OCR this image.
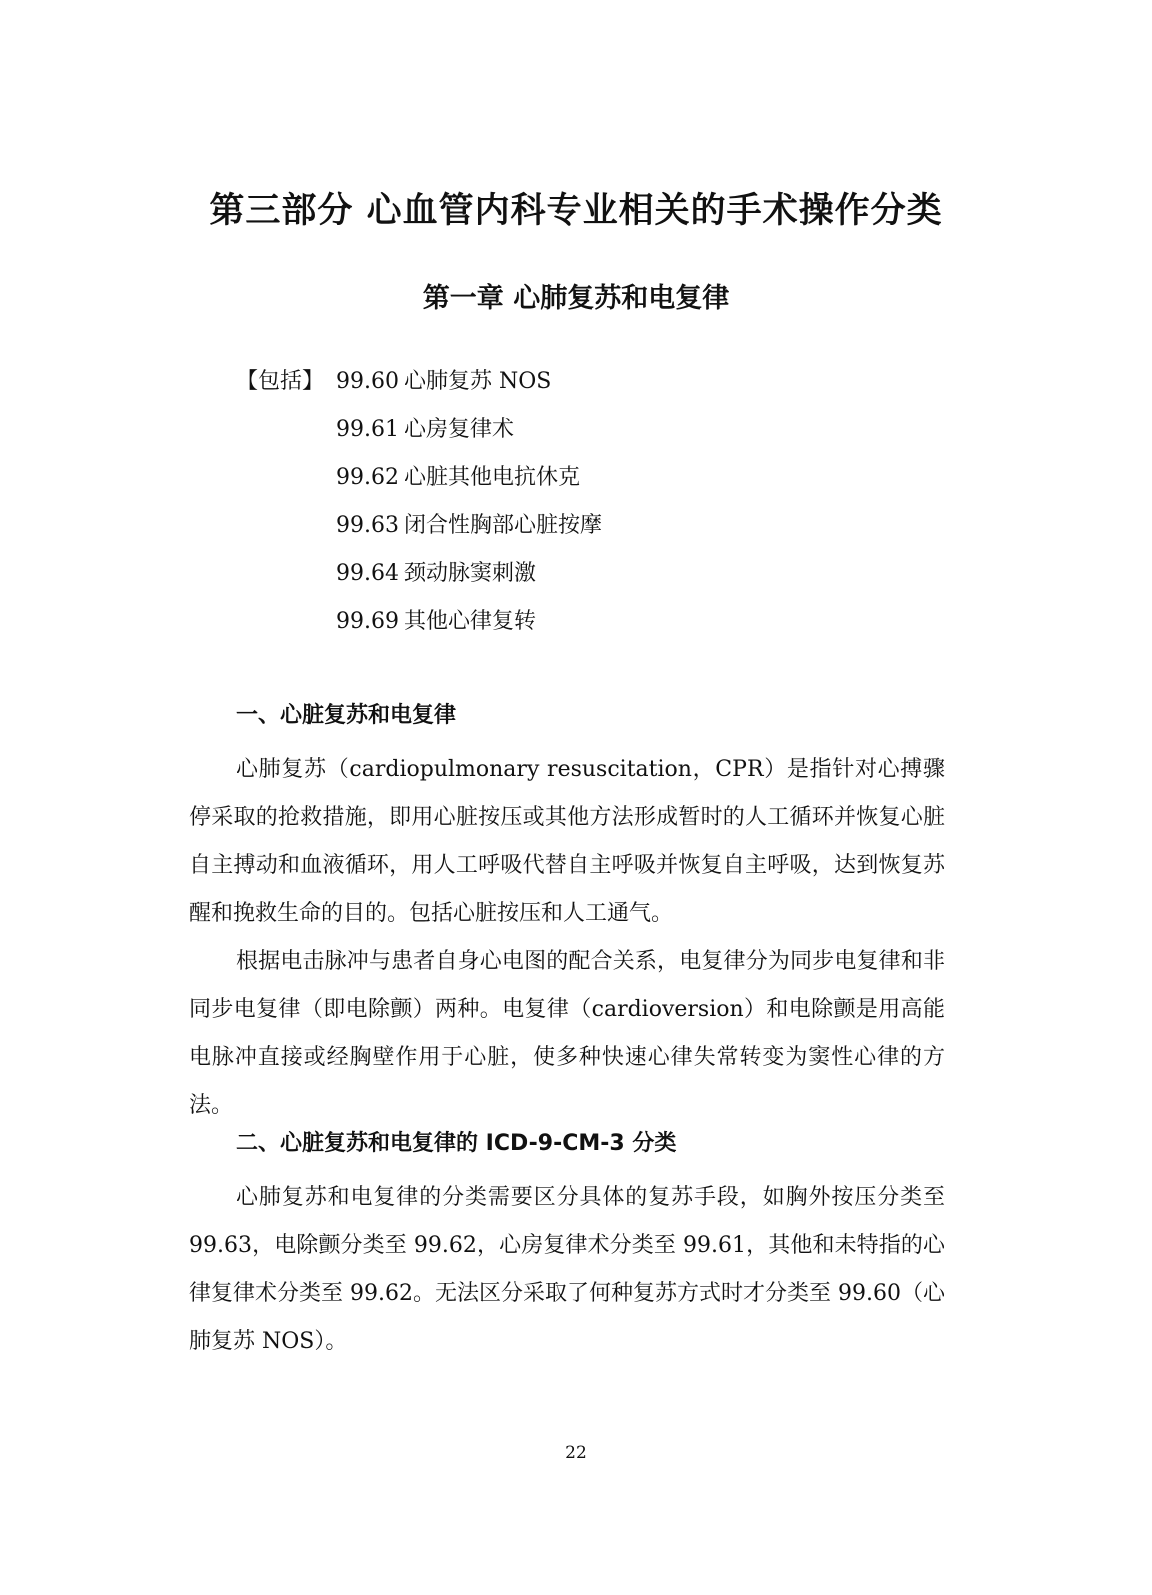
第三部分 心血管内科专业相关的手术操作分类
第一章 心肺复苏和电复律
【包括】 99.60 心肺复苏 NOS
99.61 心房复律术
99.62 心脏其他电抗休克
99.63 闭合性胸部心脏按摩
99.64 颈动脉窦刺激
99.69 其他心律复转
一、心脏复苏和电复律

心肺复苏（cardiopulmonary resuscitation，CPR）是指针对心搏骤停采取的抢救措施，即用心脏按压或其他方法形成暂时的人工循环并恢复心脏自主搏动和血液循环，用人工呼吸代替自主呼吸并恢复自主呼吸，达到恢复苏醒和挽救生命的目的。包括心脏按压和人工通气。

根据电击脉冲与患者自身心电图的配合关系，电复律分为同步电复律和非同步电复律（即电除颤）两种。电复律（cardioversion）和电除颤是用高能电脉冲直接或经胸壁作用于心脏，使多种快速心律失常转变为窦性心律的方法。

二、心脏复苏和电复律的 ICD-9-CM-3 分类

心肺复苏和电复律的分类需要区分具体的复苏手段，如胸外按压分类至 99.63，电除颤分类至 99.62，心房复律术分类至 99.61，其他和未特指的心律复律术分类至 99.62。无法区分采取了何种复苏方式时才分类至 99.60（心肺复苏 NOS）。

22
